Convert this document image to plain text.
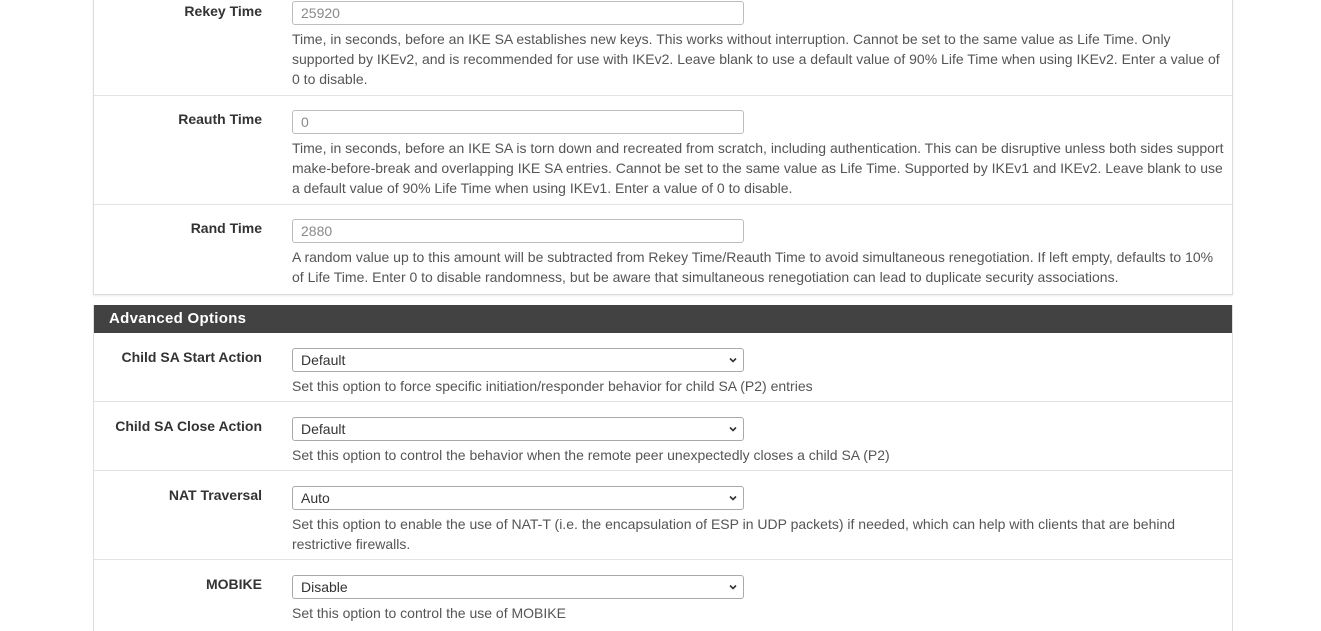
Rekey Time	25920
Time, in seconds, before an IKE SA establishes new keys. This works without interruption. Cannot be set to the same value as Life Time. Only supported by IKEv2, and is recommended for use with IKEv2. Leave blank to use a default value of 90% Life Time when using IKEv2. Enter a value of 0 to disable.
Reauth Time	0
Time, in seconds, before an IKE SA is torn down and recreated from scratch, including authentication. This can be disruptive unless both sides support make-before-break and overlapping IKE SA entries. Cannot be set to the same value as Life Time. Supported by IKEv1 and IKEv2. Leave blank to use a default value of 90% Life Time when using IKEv1. Enter a value of 0 to disable.
Rand Time	2880
A random value up to this amount will be subtracted from Rekey Time/Reauth Time to avoid simultaneous renegotiation. If left empty, defaults to 10% of Life Time. Enter 0 to disable randomness, but be aware that simultaneous renegotiation can lead to duplicate security associations.
Advanced Options
Child SA Start Action	Default
Set this option to force specific initiation/responder behavior for child SA (P2) entries
Child SA Close Action	Default
Set this option to control the behavior when the remote peer unexpectedly closes a child SA (P2)
NAT Traversal	Auto
Set this option to enable the use of NAT-T (i.e. the encapsulation of ESP in UDP packets) if needed, which can help with clients that are behind restrictive firewalls.
MOBIKE	Disable
Set this option to control the use of MOBIKE
